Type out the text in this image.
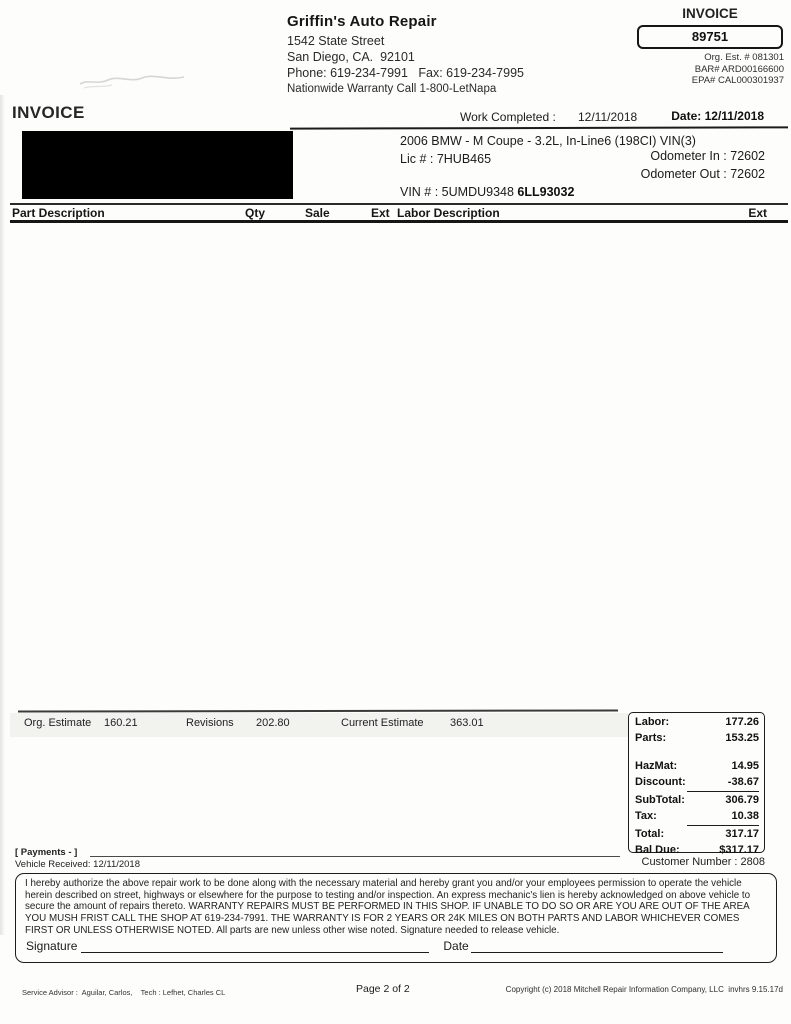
Griffin's Auto Repair
1542 State Street
San Diego, CA.  92101
Phone: 619-234-7991   Fax: 619-234-7995
Nationwide Warranty Call 1-800-LetNapa
INVOICE
89751
Org. Est. # 081301
BAR# ARD00166600
EPA# CAL000301937
INVOICE	Work Completed : 12/11/2018	Date: 12/11/2018
2006 BMW - M Coupe - 3.2L, In-Line6 (198CI) VIN(3)
Lic # : 7HUB465	Odometer In : 72602
Odometer Out : 72602
VIN # : 5UMDU9348 6LL93032
Part Description	Qty	Sale	Ext Labor Description	Ext
Org. Estimate 160.21	Revisions 202.80	Current Estimate 363.01	Labor:	177.26
Parts:	153.25
HazMat:	14.95
Discount:	-38.67
SubTotal:	306.79
Tax:	10.38
Total:	317.17
Bal Due:	$317.17
Customer Number : 2808
[ Payments - ]
Vehicle Received: 12/11/2018
I hereby authorize the above repair work to be done along with the necessary material and hereby grant you and/or your employees permission to operate the vehicle herein described on street, highways or elsewhere for the purpose to testing and/or inspection. An express mechanic's lien is hereby acknowledged on above vehicle to secure the amount of repairs thereto. WARRANTY REPAIRS MUST BE PERFORMED IN THIS SHOP. IF UNABLE TO DO SO OR ARE YOU ARE OUT OF THE AREA YOU MUSH FRIST CALL THE SHOP AT 619-234-7991. THE WARRANTY IS FOR 2 YEARS OR 24K MILES ON BOTH PARTS AND LABOR WHICHEVER COMES FIRST OR UNLESS OTHERWISE NOTED. All parts are new unless other wise noted. Signature needed to release vehicle.
Signature	Date
Service Advisor :  Aguilar, Carlos,    Tech : Lefhet, Charles CL	Page 2 of 2	Copyright (c) 2018 Mitchell Repair Information Company, LLC  invhrs 9.15.17d
